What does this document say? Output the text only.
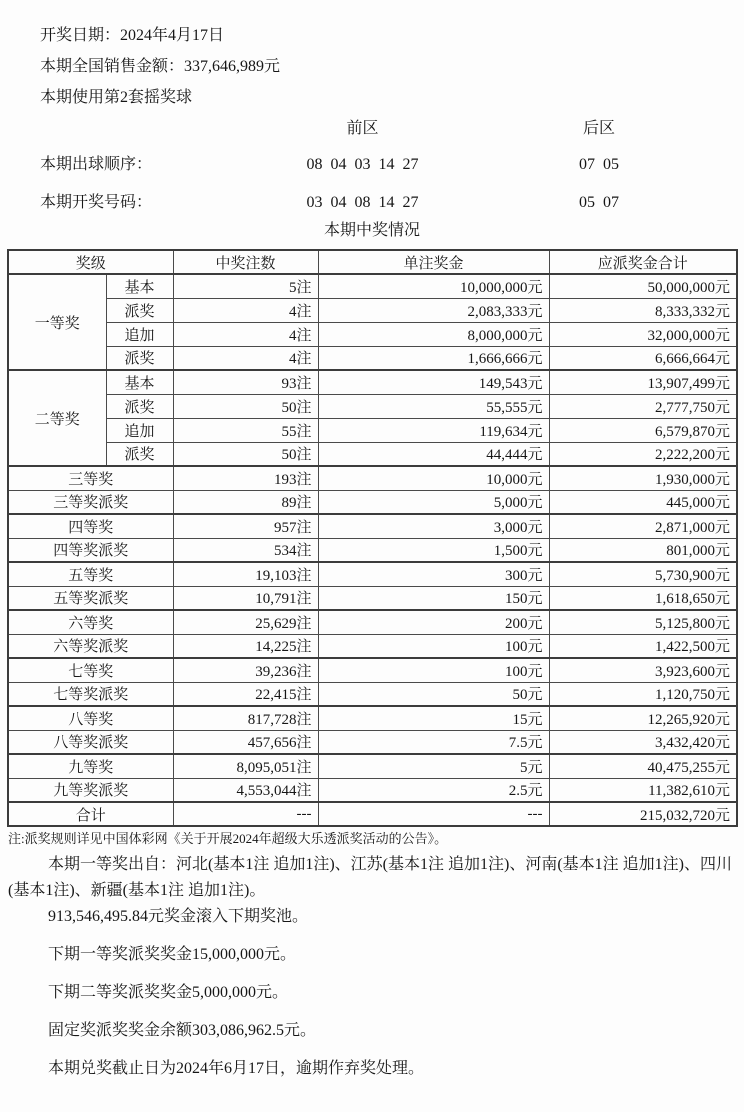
开奖日期：2024年4月17日
本期全国销售金额：337,646,989元
本期使用第2套摇奖球
前区	后区
本期出球顺序：	08  04  03  14  27	07  05
本期开奖号码：	03  04  08  14  27	05  07
本期中奖情况
奖级		中奖注数	单注奖金	应派奖金合计
一等奖	基本	5注	10,000,000元	50,000,000元
	派奖	4注	2,083,333元	8,333,332元
	追加	4注	8,000,000元	32,000,000元
	派奖	4注	1,666,666元	6,666,664元
二等奖	基本	93注	149,543元	13,907,499元
	派奖	50注	55,555元	2,777,750元
	追加	55注	119,634元	6,579,870元
	派奖	50注	44,444元	2,222,200元
三等奖		193注	10,000元	1,930,000元
三等奖派奖		89注	5,000元	445,000元
四等奖		957注	3,000元	2,871,000元
四等奖派奖		534注	1,500元	801,000元
五等奖		19,103注	300元	5,730,900元
五等奖派奖		10,791注	150元	1,618,650元
六等奖		25,629注	200元	5,125,800元
六等奖派奖		14,225注	100元	1,422,500元
七等奖		39,236注	100元	3,923,600元
七等奖派奖		22,415注	50元	1,120,750元
八等奖		817,728注	15元	12,265,920元
八等奖派奖		457,656注	7.5元	3,432,420元
九等奖		8,095,051注	5元	40,475,255元
九等奖派奖		4,553,044注	2.5元	11,382,610元
合计		---	---	215,032,720元
注:派奖规则详见中国体彩网《关于开展2024年超级大乐透派奖活动的公告》。
本期一等奖出自：河北(基本1注 追加1注)、江苏(基本1注 追加1注)、河南(基本1注 追加1注)、四川(基本1注)、新疆(基本1注 追加1注)。
913,546,495.84元奖金滚入下期奖池。
下期一等奖派奖奖金15,000,000元。
下期二等奖派奖奖金5,000,000元。
固定奖派奖奖金余额303,086,962.5元。
本期兑奖截止日为2024年6月17日，逾期作弃奖处理。
